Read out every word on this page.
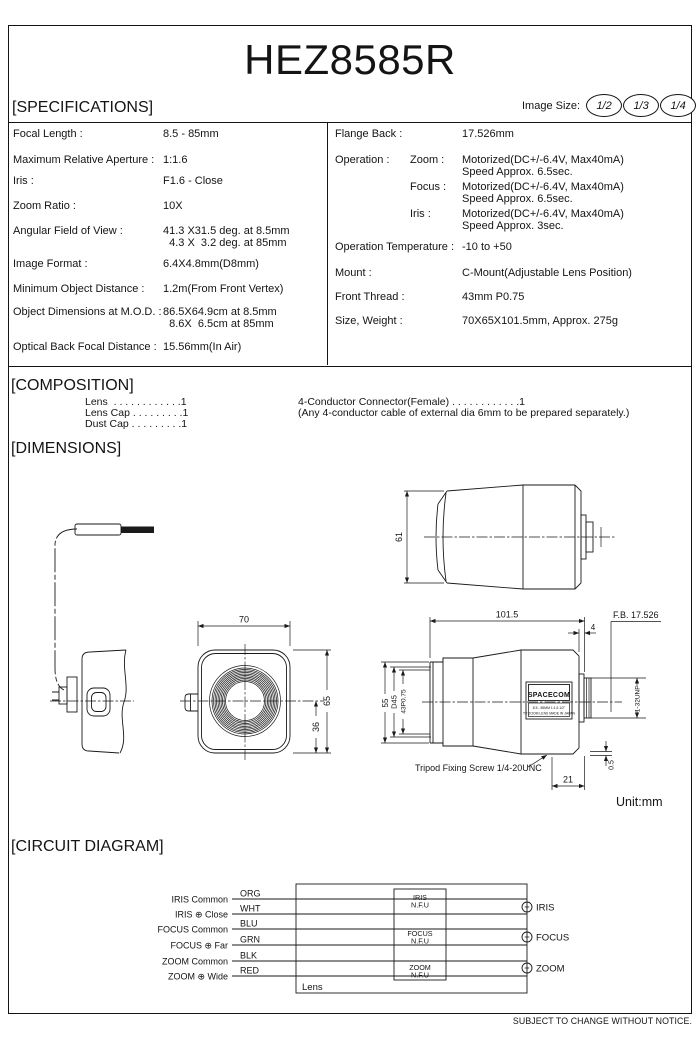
HEZ8585R
[SPECIFICATIONS]	Image Size:	1/2	1/3	1/4
Focal Length :	8.5 - 85mm
Maximum Relative Aperture : 1:1.6
Iris :	F1.6 - Close
Zoom Ratio :	10X
Angular Field of View :	41.3 X31.5 deg. at 8.5mm
4.3 X  3.2 deg. at 85mm
Image Format :	6.4X4.8mm(D8mm)
Minimum Object Distance : 1.2m(From Front Vertex)
Object Dimensions at M.O.D. : 86.5X64.9cm at 8.5mm
8.6X  6.5cm at 85mm
Optical Back Focal Distance : 15.56mm(In Air)
Flange Back :	17.526mm
Operation : Zoom : Motorized(DC+/-6.4V, Max40mA)
Speed Approx. 6.5sec.
Focus : Motorized(DC+/-6.4V, Max40mA)
Speed Approx. 6.5sec.
Iris :	Motorized(DC+/-6.4V, Max40mA)
Speed Approx. 3sec.
Operation Temperature : -10 to +50
Mount :	C-Mount(Adjustable Lens Position)
Front Thread :	43mm P0.75
Size, Weight :	70X65X101.5mm, Approx. 275g
[COMPOSITION]
Lens  . . . . . . . . . . . .1
Lens Cap . . . . . . . . .1
Dust Cap . . . . . . . . .1
4-Conductor Connector(Female) . . . . . . . . . . . .1
(Any 4-conductor cable of external dia 6mm to be prepared separately.)
[DIMENSIONS]
61
70
65
36
SPACECOM
8.5 - 85MM 1:1.6 1/2"
TV ZOOM LENS MADE IN JAPAN
101.5	F.B. 17.526
4
55 D45 43P0.75	1-32UNF
Tripod Fixing Screw 1/4-20UNC
21
0.5
Unit:mm
[CIRCUIT DIAGRAM]
IRIS Common
IRIS ⊕ Close
FOCUS Common
FOCUS ⊕ Far
ZOOM Common
ZOOM ⊕ Wide
ORG
WHT
BLU
GRN
BLK
RED
IRIS
N.F.U
FOCUS
N.F.U
ZOOM
N.F.U
IRIS
FOCUS
ZOOM
Lens
SUBJECT TO CHANGE WITHOUT NOTICE.
